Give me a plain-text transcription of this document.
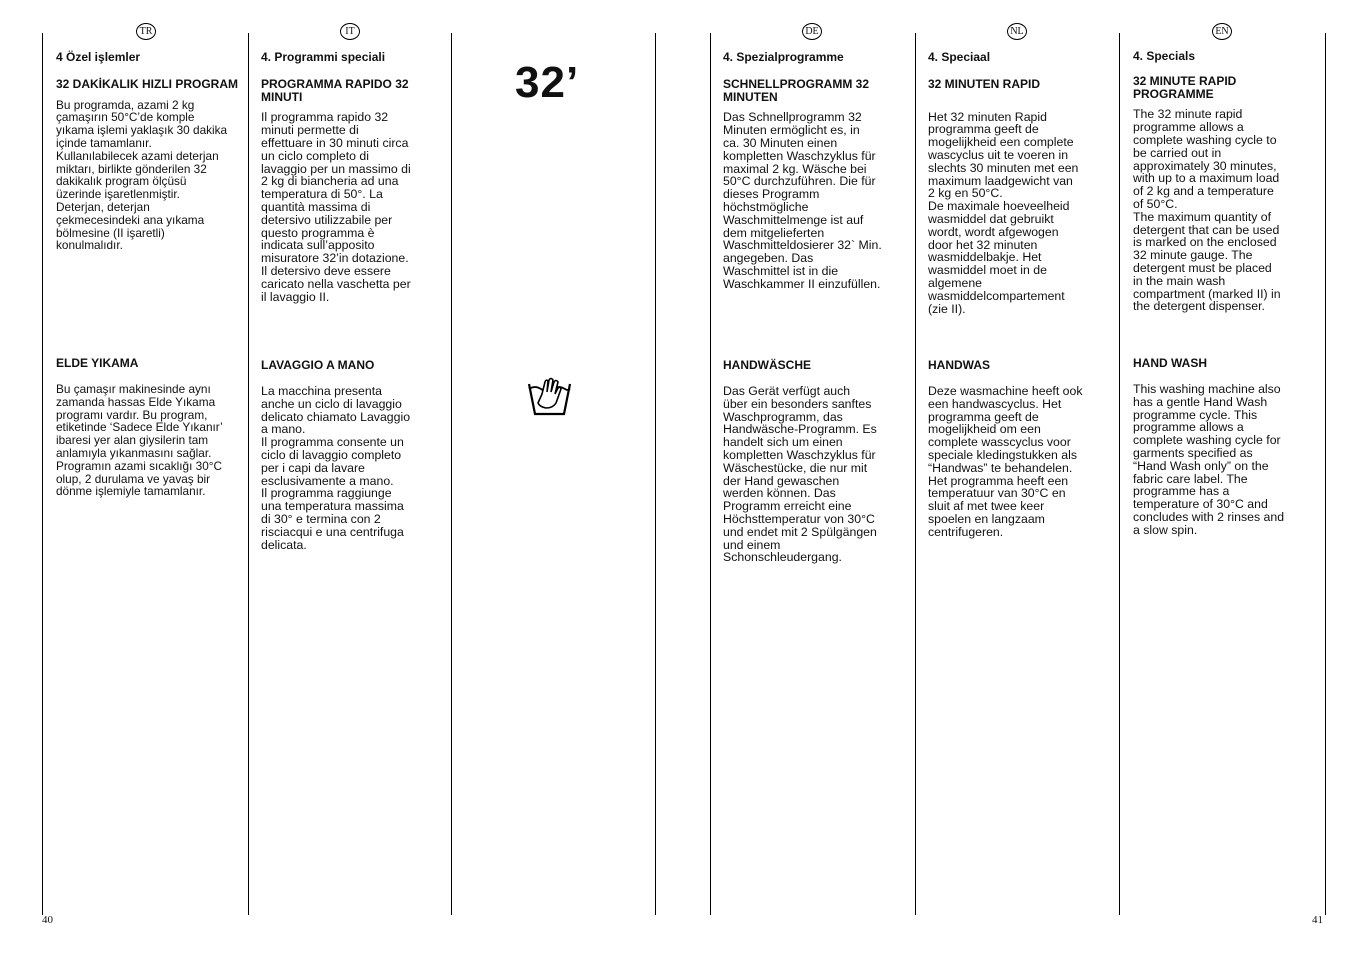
TR	IT	DE	NL	EN

4 Özel işlemler

32 DAKİKALIK HIZLI PROGRAM

Bu programda, azami 2 kg
çamaşırın 50°C’de komple
yıkama işlemi yaklaşık 30 dakika
içinde tamamlanır.
Kullanılabilecek azami deterjan
miktarı, birlikte gönderilen 32
dakikalık program ölçüsü
üzerinde işaretlenmiştir.
Deterjan, deterjan
çekmecesindeki ana yıkama
bölmesine (II işaretli)
konulmalıdır.

ELDE YIKAMA

Bu çamaşır makinesinde aynı
zamanda hassas Elde Yıkama
programı vardır. Bu program,
etiketinde ‘Sadece Elde Yıkanır’
ibaresi yer alan giysilerin tam
anlamıyla yıkanmasını sağlar.
Programın azami sıcaklığı 30°C
olup, 2 durulama ve yavaş bir
dönme işlemiyle tamamlanır.

4. Programmi speciali

PROGRAMMA RAPIDO 32
MINUTI

Il programma rapido 32
minuti permette di
effettuare in 30 minuti circa
un ciclo completo di
lavaggio per un massimo di
2 kg di biancheria ad una
temperatura di 50°. La
quantità massima di
detersivo utilizzabile per
questo programma è
indicata sull’apposito
misuratore 32’in dotazione.
Il detersivo deve essere
caricato nella vaschetta per
il lavaggio II.

LAVAGGIO A MANO

La macchina presenta
anche un ciclo di lavaggio
delicato chiamato Lavaggio
a mano.
Il programma consente un
ciclo di lavaggio completo
per i capi da lavare
esclusivamente a mano.
Il programma raggiunge
una temperatura massima
di 30° e termina con 2
risciacqui e una centrifuga
delicata.

32’

4. Spezialprogramme

SCHNELLPROGRAMM 32
MINUTEN

Das Schnellprogramm 32
Minuten ermöglicht es, in
ca. 30 Minuten einen
kompletten Waschzyklus für
maximal 2 kg. Wäsche bei
50°C durchzuführen. Die für
dieses Programm
höchstmögliche
Waschmittelmenge ist auf
dem mitgelieferten
Waschmitteldosierer 32` Min.
angegeben. Das
Waschmittel ist in die
Waschkammer II einzufüllen.

HANDWÄSCHE

Das Gerät verfügt auch
über ein besonders sanftes
Waschprogramm, das
Handwäsche-Programm. Es
handelt sich um einen
kompletten Waschzyklus für
Wäschestücke, die nur mit
der Hand gewaschen
werden können. Das
Programm erreicht eine
Höchsttemperatur von 30°C
und endet mit 2 Spülgängen
und einem
Schonschleudergang.

4. Speciaal

32 MINUTEN RAPID

Het 32 minuten Rapid
programma geeft de
mogelijkheid een complete
wascyclus uit te voeren in
slechts 30 minuten met een
maximum laadgewicht van
2 kg en 50°C.
De maximale hoeveelheid
wasmiddel dat gebruikt
wordt, wordt afgewogen
door het 32 minuten
wasmiddelbakje. Het
wasmiddel moet in de
algemene
wasmiddelcompartement
(zie II).

HANDWAS

Deze wasmachine heeft ook
een handwascyclus. Het
programma geeft de
mogelijkheid om een
complete wasscyclus voor
speciale kledingstukken als
“Handwas” te behandelen.
Het programma heeft een
temperatuur van 30°C en
sluit af met twee keer
spoelen en langzaam
centrifugeren.

4. Specials

32 MINUTE RAPID
PROGRAMME

The 32 minute rapid
programme allows a
complete washing cycle to
be carried out in
approximately 30 minutes,
with up to a maximum load
of 2 kg and a temperature
of 50°C.
The maximum quantity of
detergent that can be used
is marked on the enclosed
32 minute gauge. The
detergent must be placed
in the main wash
compartment (marked II) in
the detergent dispenser.

HAND WASH

This washing machine also
has a gentle Hand Wash
programme cycle. This
programme allows a
complete washing cycle for
garments specified as
“Hand Wash only” on the
fabric care label. The
programme has a
temperature of 30°C and
concludes with 2 rinses and
a slow spin.

40	41
